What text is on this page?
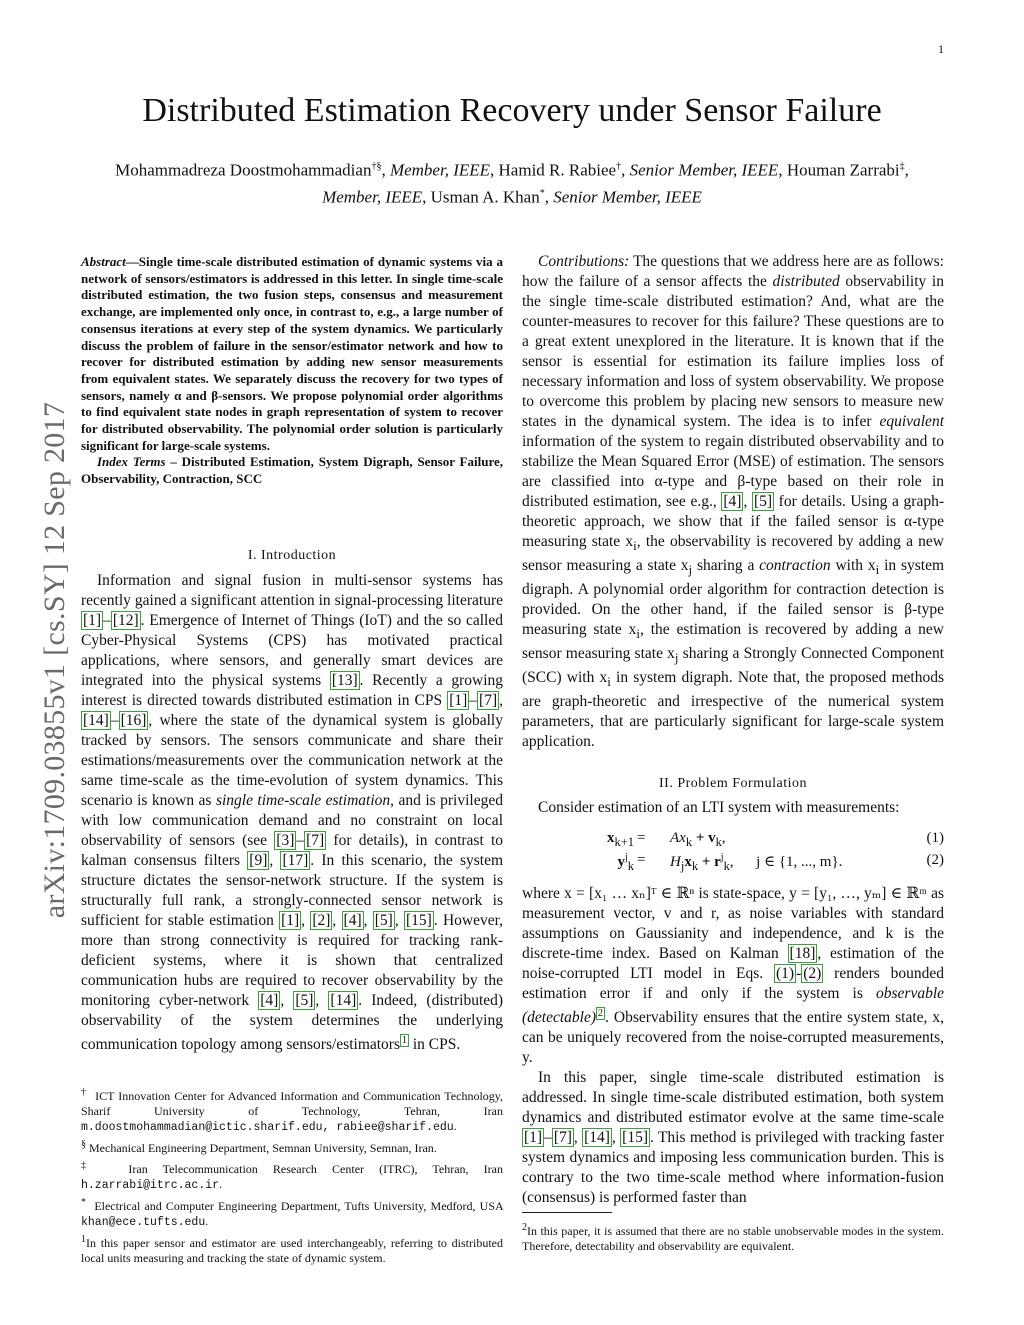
1
arXiv:1709.03855v1 [cs.SY] 12 Sep 2017
Distributed Estimation Recovery under Sensor Failure
Mohammadreza Doostmohammadian†§, Member, IEEE, Hamid R. Rabiee†, Senior Member, IEEE, Houman Zarrabi‡, Member, IEEE, Usman A. Khan*, Senior Member, IEEE
Abstract—Single time-scale distributed estimation of dynamic systems via a network of sensors/estimators is addressed in this letter. In single time-scale distributed estimation, the two fusion steps, consensus and measurement exchange, are implemented only once, in contrast to, e.g., a large number of consensus iterations at every step of the system dynamics. We particularly discuss the problem of failure in the sensor/estimator network and how to recover for distributed estimation by adding new sensor measurements from equivalent states. We separately discuss the recovery for two types of sensors, namely α and β-sensors. We propose polynomial order algorithms to find equivalent state nodes in graph representation of system to recover for distributed observability. The polynomial order solution is particularly significant for large-scale systems.
Index Terms – Distributed Estimation, System Digraph, Sensor Failure, Observability, Contraction, SCC
I. Introduction

Information and signal fusion in multi-sensor systems has recently gained a significant attention in signal-processing literature [1] – [12] . Emergence of Internet of Things (IoT) and the so called Cyber-Physical Systems (CPS) has motivated practical applications, where sensors, and generally smart devices are integrated into the physical systems [13] . Recently a growing interest is directed towards distributed estimation in CPS [1] – [7] , [14] – [16] , where the state of the dynamical system is globally tracked by sensors. The sensors communicate and share their estimations/measurements over the communication network at the same time-scale as the time-evolution of system dynamics. This scenario is known as single time-scale estimation, and is privileged with low communication demand and no constraint on local observability of sensors (see [3] – [7] for details), in contrast to kalman consensus filters [9] , [17] . In this scenario, the system structure dictates the sensor-network structure. If the system is structurally full rank, a strongly-connected sensor network is sufficient for stable estimation [1] , [2] , [4] , [5] , [15] . However, more than strong connectivity is required for tracking rank-deficient systems, where it is shown that centralized communication hubs are required to recover observability by the monitoring cyber-network [4] , [5] , [14] . Indeed, (distributed) observability of the system determines the underlying communication topology among sensors/estimators $^1$ in CPS.

† ICT Innovation Center for Advanced Information and Communication Technology, Sharif University of Technology, Tehran, Iran m.doostmohammadian@ictic.sharif.edu, rabiee@sharif.edu.

§ Mechanical Engineering Department, Semnan University, Semnan, Iran.

‡	Iran Telecommunication Research Center (ITRC), Tehran, Iran h.zarrabi@itrc.ac.ir.

* Electrical and Computer Engineering Department, Tufts University, Medford, USA khan@ece.tufts.edu.

$^1$In this paper sensor and estimator are used interchangeably, referring to distributed local units measuring and tracking the state of dynamic system.

Contributions: The questions that we address here are as follows: how the failure of a sensor affects the distributed observability in the single time-scale distributed estimation? And, what are the counter-measures to recover for this failure? These questions are to a great extent unexplored in the literature. It is known that if the sensor is essential for estimation its failure implies loss of necessary information and loss of system observability. We propose to overcome this problem by placing new sensors to measure new states in the dynamical system. The idea is to infer equivalent information of the system to regain distributed observability and to stabilize the Mean Squared Error (MSE) of estimation. The sensors are classified into α-type and β-type based on their role in distributed estimation, see e.g., [4] , [5] for details. Using a graph-theoretic approach, we show that if the failed sensor is α-type measuring state $x_i$, the observability is recovered by adding a new sensor measuring a state $x_j$ sharing a contraction with $x_i$ in system digraph. A polynomial order algorithm for contraction detection is provided. On the other hand, if the failed sensor is β-type measuring state $x_i$, the estimation is recovered by adding a new sensor measuring state $x_j$ sharing a Strongly Connected Component (SCC) with $x_i$ in system digraph. Note that, the proposed methods are graph-theoretic and irrespective of the numerical system parameters, that are particularly significant for large-scale system application.

II. Problem Formulation

Consider estimation of an LTI system with measurements:

$x_{k+1} = Ax_k + v_k$,	(1)
$y^j_k = H_jx_k + r^j_k$, j ∈ {1, ..., m}.	(2)

where x = [x₁ … xₙ]ᵀ ∈ ℝⁿ is state-space, y = [y₁, …, yₘ] ∈ ℝᵐ as measurement vector, v and r, as noise variables with standard assumptions on Gaussianity and independence, and k is the discrete-time index. Based on Kalman [18] , estimation of the noise-corrupted LTI model in Eqs. (1) - (2) renders bounded estimation error if and only if the system is observable (detectable) $^2$ . Observability ensures that the entire system state, x, can be uniquely recovered from the noise-corrupted measurements, y.

In this paper, single time-scale distributed estimation is addressed. In single time-scale distributed estimation, both system dynamics and distributed estimator evolve at the same time-scale [1] – [7] , [14] , [15] . This method is privileged with tracking faster system dynamics and imposing less communication burden. This is contrary to the two time-scale method where information-fusion (consensus) is performed faster than

$^2$In this paper, it is assumed that there are no stable unobservable modes in the system. Therefore, detectability and observability are equivalent.
